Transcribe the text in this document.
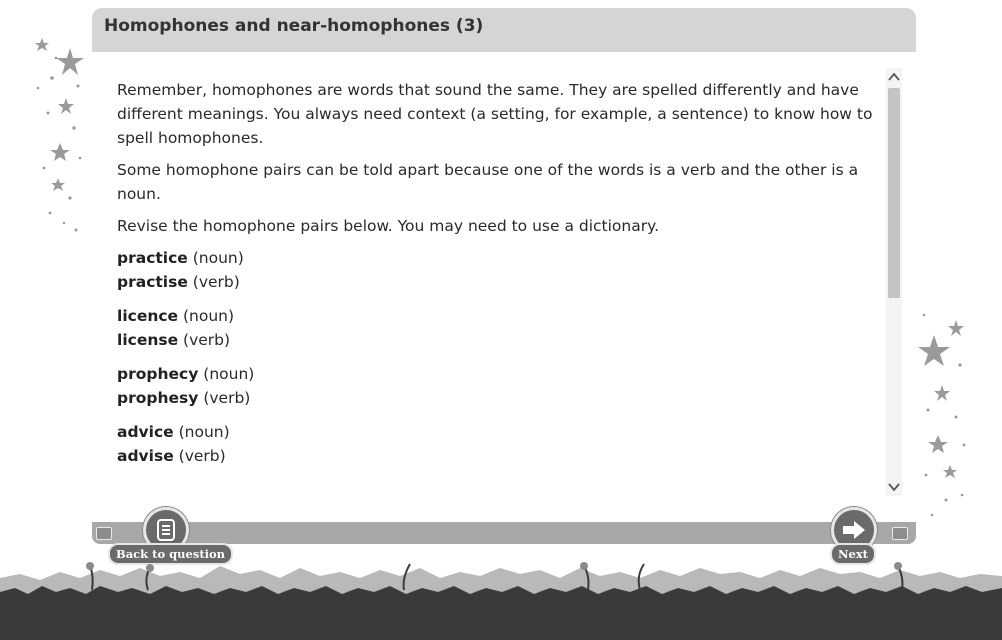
Homophones and near-homophones (3)

Remember, homophones are words that sound the same. They are spelled differently and have different meanings. You always need context (a setting, for example, a sentence) to know how to spell homophones.

Some homophone pairs can be told apart because one of the words is a verb and the other is a noun.

Revise the homophone pairs below. You may need to use a dictionary.

practice (noun)
practise (verb)
licence (noun)
license (verb)
prophecy (noun)
prophesy (verb)
advice (noun)
advise (verb)
Back to question	Next
